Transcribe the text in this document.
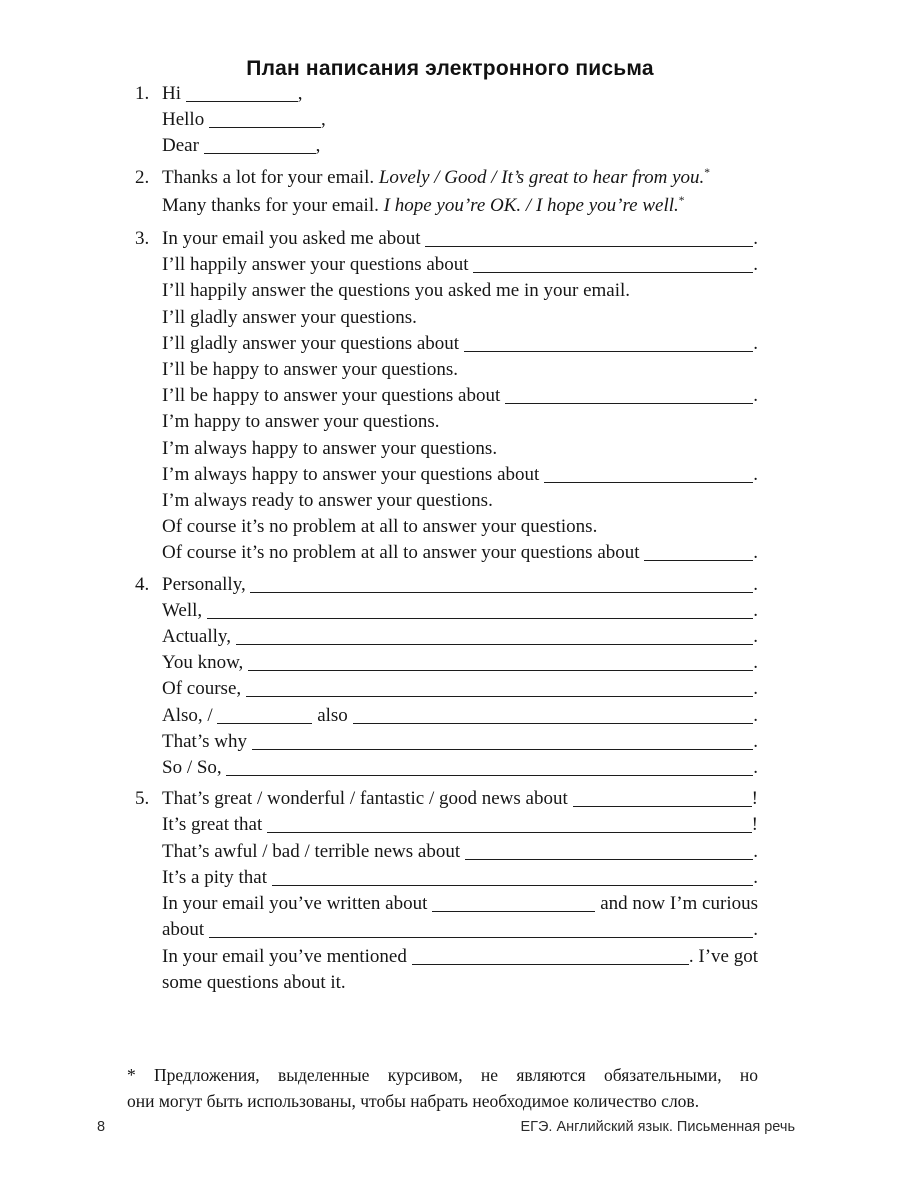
План написания электронного письма
1. Hi	,
Hello	,
Dear	,
2. Thanks a lot for your email. Lovely / Good / It’s great to hear from you.*
Many thanks for your email. I hope you’re OK. / I hope you’re well.*
3. In your email you asked me about	.
I’ll happily answer your questions about	.
I’ll happily answer the questions you asked me in your email.
I’ll gladly answer your questions.
I’ll gladly answer your questions about	.
I’ll be happy to answer your questions.
I’ll be happy to answer your questions about	.
I’m happy to answer your questions.
I’m always happy to answer your questions.
I’m always happy to answer your questions about	.
I’m always ready to answer your questions.
Of course it’s no problem at all to answer your questions.
Of course it’s no problem at all to answer your questions about	.
4. Personally,	.
Well,	.
Actually,	.
You know,	.
Of course,	.
Also, /	also	.
That’s why	.
So / So,	.
5. That’s great / wonderful / fantastic / good news about	!
It’s great that	!
That’s awful / bad / terrible news about	.
It’s a pity that	.
In your email you’ve written about	and now I’m curious
about	.
In your email you’ve mentioned	. I’ve got
some questions about it.
*	Предложения, выделенные курсивом, не являются обязательными, но
они могут быть использованы, чтобы набрать необходимое количество слов.
8	ЕГЭ. Английский язык. Письменная речь
